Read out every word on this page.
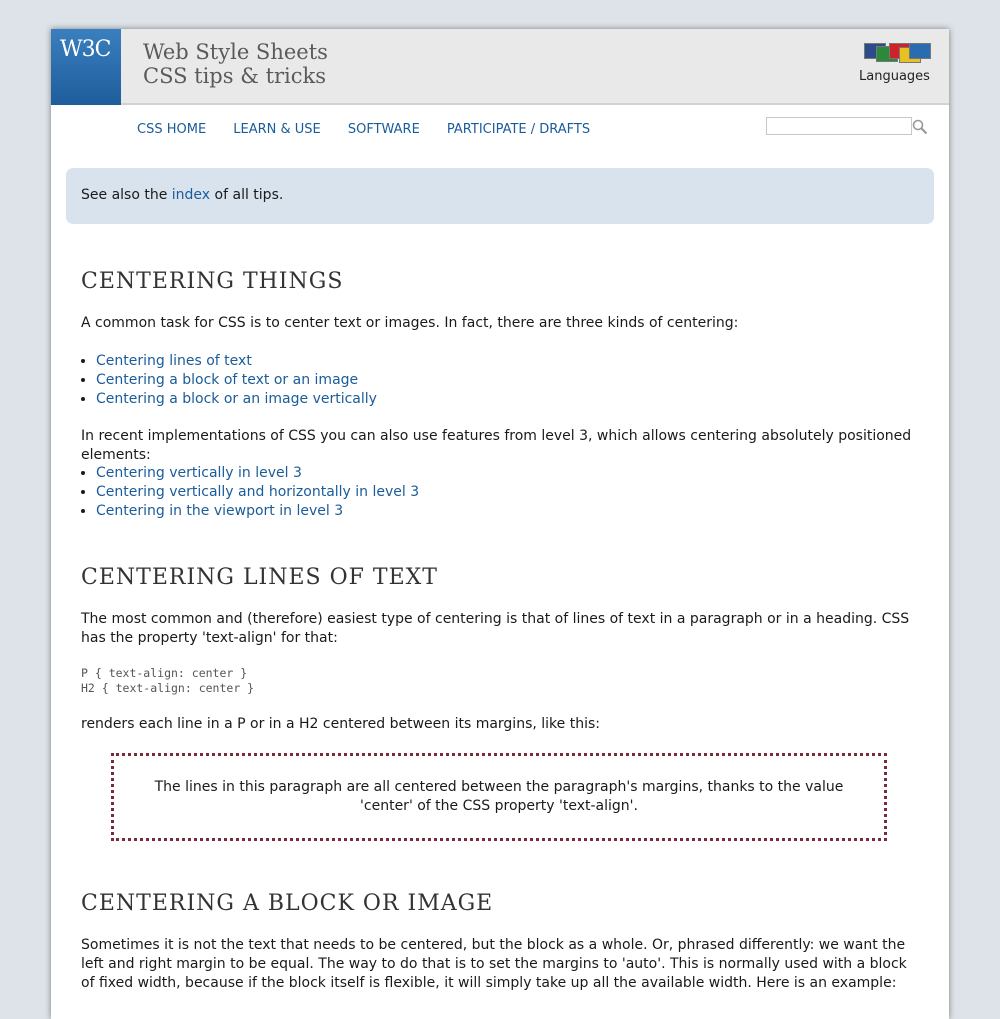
W3C	Web Style Sheets
CSS tips & tricks	Languages
CSS HOME LEARN & USE SOFTWARE PARTICIPATE / DRAFTS

See also the index of all tips.

CENTERING THINGS

A common task for CSS is to center text or images. In fact, there are three kinds of centering:

• Centering lines of text
• Centering a block of text or an image
• Centering a block or an image vertically

In recent implementations of CSS you can also use features from level 3, which allows centering absolutely positioned elements:

• Centering vertically in level 3
• Centering vertically and horizontally in level 3
• Centering in the viewport in level 3
CENTERING LINES OF TEXT

The most common and (therefore) easiest type of centering is that of lines of text in a paragraph or in a heading. CSS has the property 'text-align' for that:

P { text-align: center }
H2 { text-align: center }

renders each line in a P or in a H2 centered between its margins, like this:

The lines in this paragraph are all centered between the paragraph's margins, thanks to the value 'center' of the CSS property 'text-align'.
CENTERING A BLOCK OR IMAGE

Sometimes it is not the text that needs to be centered, but the block as a whole. Or, phrased differently: we want the left and right margin to be equal. The way to do that is to set the margins to 'auto'. This is normally used with a block of fixed width, because if the block itself is flexible, it will simply take up all the available width. Here is an example:
